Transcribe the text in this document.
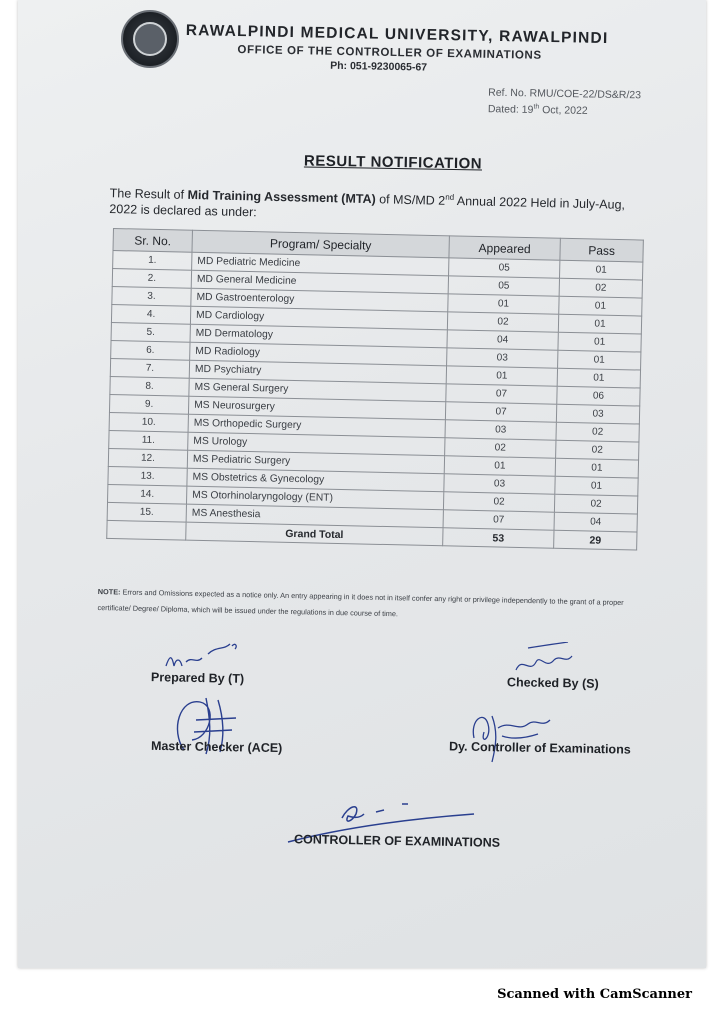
RAWALPINDI MEDICAL UNIVERSITY, RAWALPINDI
OFFICE OF THE CONTROLLER OF EXAMINATIONS
Ph: 051-9230065-67
Ref. No. RMU/COE-22/DS&R/23
Dated: 19th Oct, 2022
RESULT NOTIFICATION
The Result of Mid Training Assessment (MTA) of MS/MD 2nd Annual 2022 Held in July-Aug, 2022 is declared as under:
Sr. No.	Program/ Specialty	Appeared	Pass
1.	MD Pediatric Medicine	05	01
2.	MD General Medicine	05	02
3.	MD Gastroenterology	01	01
4.	MD Cardiology	02	01
5.	MD Dermatology	04	01
6.	MD Radiology	03	01
7.	MD Psychiatry	01	01
8.	MS General Surgery	07	06
9.	MS Neurosurgery	07	03
10.	MS Orthopedic Surgery	03	02
11.	MS Urology	02	02
12.	MS Pediatric Surgery	01	01
13.	MS Obstetrics & Gynecology	03	01
14.	MS Otorhinolaryngology (ENT)	02	02
15.	MS Anesthesia	07	04
	Grand Total	53	29
NOTE: Errors and Omissions expected as a notice only. An entry appearing in it does not in itself confer any right or privilege independently to the grant of a proper certificate/ Degree/ Diploma, which will be issued under the regulations in due course of time.
Prepared By (T)	Checked By (S)
Master Checker (ACE)	Dy. Controller of Examinations
CONTROLLER OF EXAMINATIONS
Scanned with CamScanner
